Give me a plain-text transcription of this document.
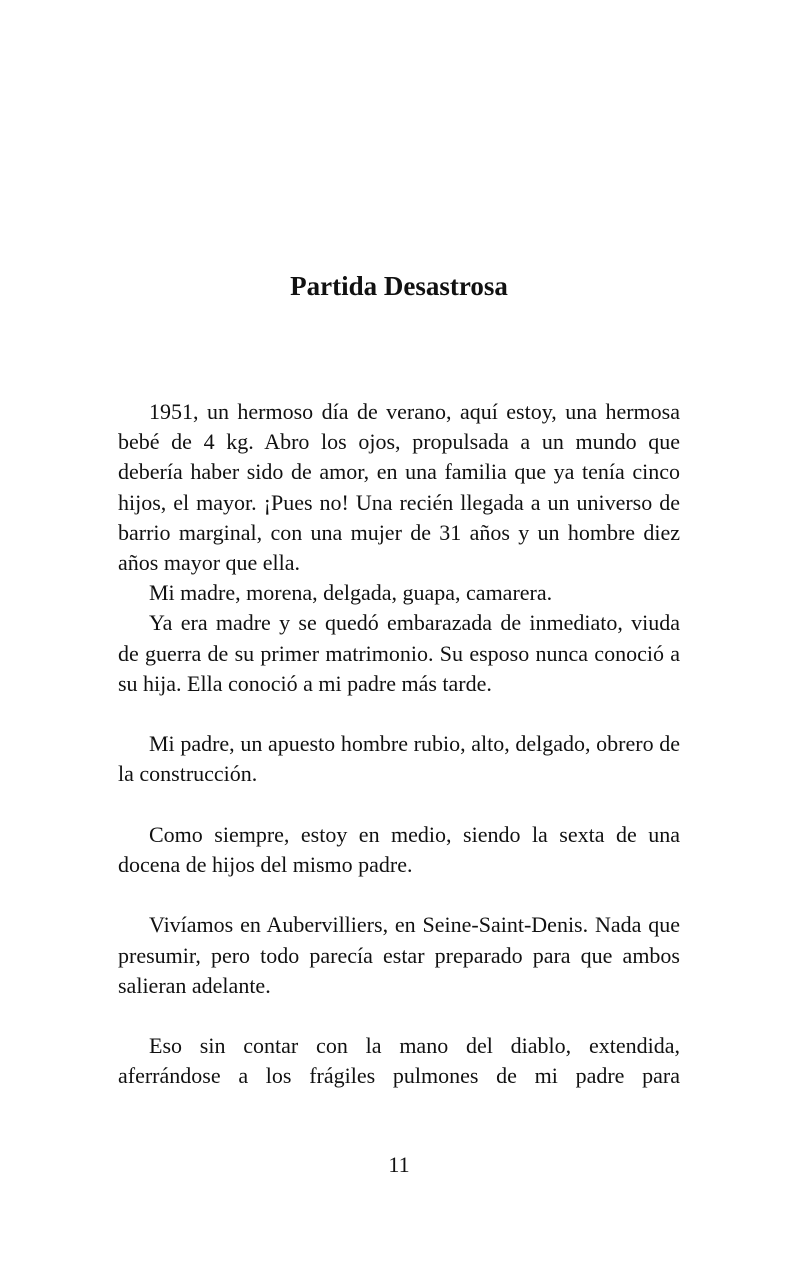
Partida Desastrosa

1951, un hermoso día de verano, aquí estoy, una hermosa bebé de 4 kg. Abro los ojos, propulsada a un mundo que debería haber sido de amor, en una familia que ya tenía cinco hijos, el mayor. ¡Pues no! Una recién llegada a un universo de barrio marginal, con una mujer de 31 años y un hombre diez años mayor que ella.

Mi madre, morena, delgada, guapa, camarera.

Ya era madre y se quedó embarazada de inmediato, viuda de guerra de su primer matrimonio. Su esposo nunca conoció a su hija. Ella conoció a mi padre más tarde.

Mi padre, un apuesto hombre rubio, alto, delgado, obrero de la construcción.

Como siempre, estoy en medio, siendo la sexta de una docena de hijos del mismo padre.

Vivíamos en Aubervilliers, en Seine-Saint-Denis. Nada que presumir, pero todo parecía estar preparado para que ambos salieran adelante.

Eso sin contar con la mano del diablo, extendida, aferrándose a los frágiles pulmones de mi padre para

11
